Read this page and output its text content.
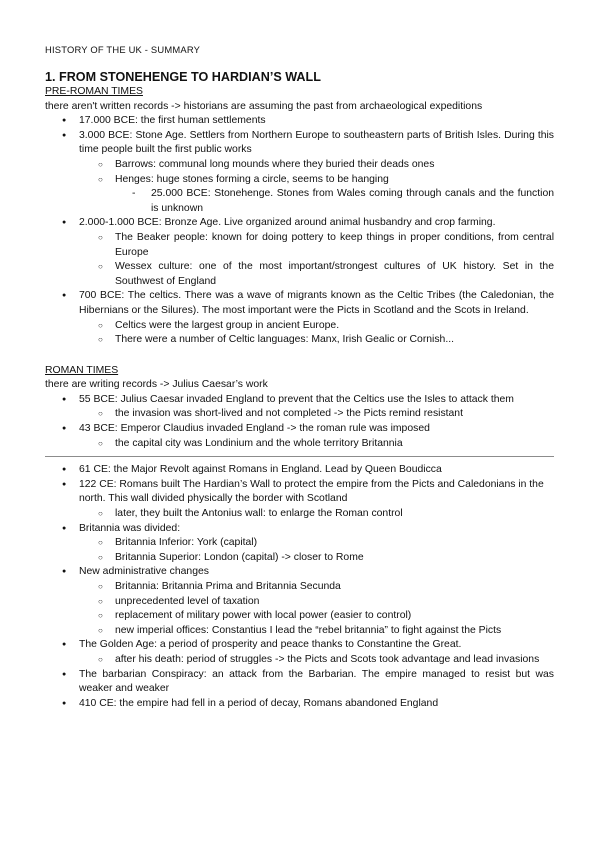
HISTORY OF THE UK - SUMMARY
1. FROM STONEHENGE TO HARDIAN’S WALL

PRE-ROMAN TIMES

there aren't written records -> historians are assuming the past from archaeological expeditions

● 17.000 BCE: the first human settlements
● 3.000 BCE: Stone Age. Settlers from Northern Europe to southeastern parts of British Isles. During this time people built the first public works
○ Barrows: communal long mounds where they buried their deads ones
○ Henges: huge stones forming a circle, seems to be hanging
- 25.000 BCE: Stonehenge. Stones from Wales coming through canals and the function is unknown
● 2.000-1.000 BCE: Bronze Age. Live organized around animal husbandry and crop farming.
○ The Beaker people: known for doing pottery to keep things in proper conditions, from central Europe
○ Wessex culture: one of the most important/strongest cultures of UK history. Set in the Southwest of England
● 700 BCE: The celtics. There was a wave of migrants known as the Celtic Tribes (the Caledonian, the Hibernians or the Silures). The most important were the Picts in Scotland and the Scots in Ireland.
○ Celtics were the largest group in ancient Europe.
○ There were a number of Celtic languages: Manx, Irish Gealic or Cornish...

ROMAN TIMES

there are writing records -> Julius Caesar’s work

● 55 BCE: Julius Caesar invaded England to prevent that the Celtics use the Isles to attack them
○ the invasion was short-lived and not completed -> the Picts remind resistant
● 43 BCE: Emperor Claudius invaded England -> the roman rule was imposed
○ the capital city was Londinium and the whole territory Britannia
● 61 CE: the Major Revolt against Romans in England. Lead by Queen Boudicca
● 122 CE: Romans built The Hardian’s Wall to protect the empire from the Picts and Caledonians in the north. This wall divided physically the border with Scotland
○ later, they built the Antonius wall: to enlarge the Roman control
● Britannia was divided:
○ Britannia Inferior: York (capital)
○ Britannia Superior: London (capital) -> closer to Rome
● New administrative changes
○ Britannia: Britannia Prima and Britannia Secunda
○ unprecedented level of taxation
○ replacement of military power with local power (easier to control)
○ new imperial offices: Constantius I lead the “rebel britannia” to fight against the Picts
● The Golden Age: a period of prosperity and peace thanks to Constantine the Great.
○ after his death: period of struggles -> the Picts and Scots took advantage and lead invasions
● The barbarian Conspiracy: an attack from the Barbarian. The empire managed to resist but was weaker and weaker
● 410 CE: the empire had fell in a period of decay, Romans abandoned England
